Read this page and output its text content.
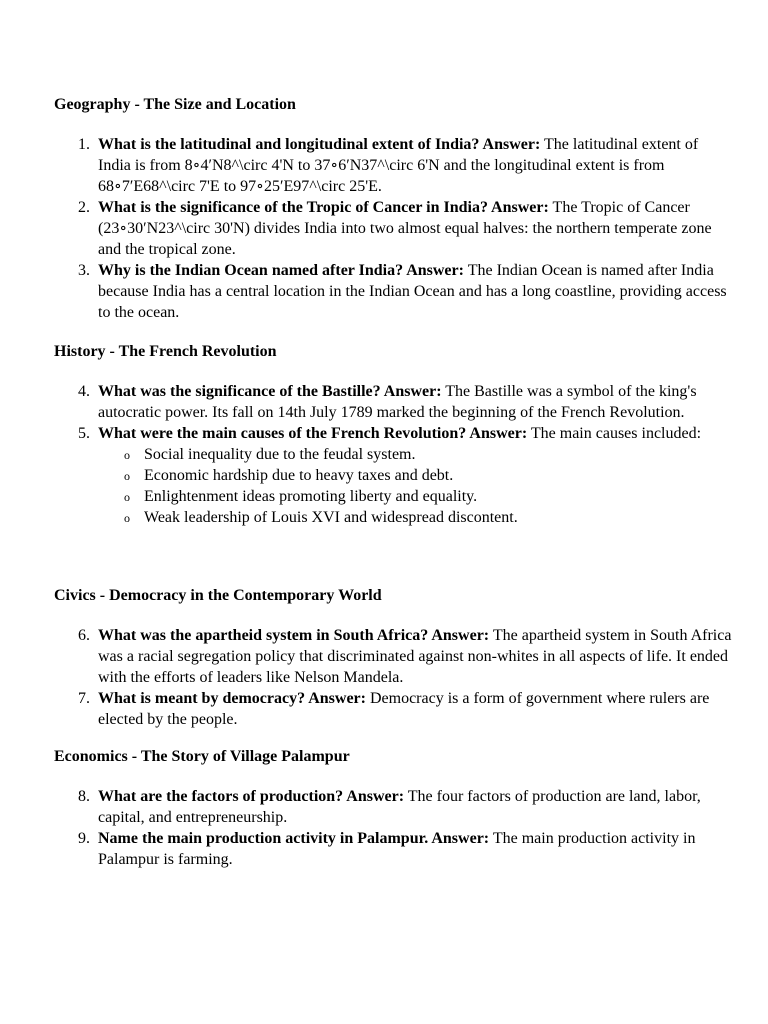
Geography - The Size and Location
1. What is the latitudinal and longitudinal extent of India? Answer: The latitudinal extent of India is from 8∘4′N8^\circ 4'N to 37∘6′N37^\circ 6'N and the longitudinal extent is from 68∘7′E68^\circ 7'E to 97∘25′E97^\circ 25'E.
2. What is the significance of the Tropic of Cancer in India? Answer: The Tropic of Cancer (23∘30′N23^\circ 30'N) divides India into two almost equal halves: the northern temperate zone and the tropical zone.
3. Why is the Indian Ocean named after India? Answer: The Indian Ocean is named after India because India has a central location in the Indian Ocean and has a long coastline, providing access to the ocean.
History - The French Revolution
4. What was the significance of the Bastille? Answer: The Bastille was a symbol of the king's autocratic power. Its fall on 14th July 1789 marked the beginning of the French Revolution.
5. What were the main causes of the French Revolution? Answer: The main causes included:
o Social inequality due to the feudal system.
o Economic hardship due to heavy taxes and debt.
o Enlightenment ideas promoting liberty and equality.
o Weak leadership of Louis XVI and widespread discontent.
Civics - Democracy in the Contemporary World
6. What was the apartheid system in South Africa? Answer: The apartheid system in South Africa was a racial segregation policy that discriminated against non-whites in all aspects of life. It ended with the efforts of leaders like Nelson Mandela.
7. What is meant by democracy? Answer: Democracy is a form of government where rulers are elected by the people.
Economics - The Story of Village Palampur
8. What are the factors of production? Answer: The four factors of production are land, labor, capital, and entrepreneurship.
9. Name the main production activity in Palampur. Answer: The main production activity in Palampur is farming.
